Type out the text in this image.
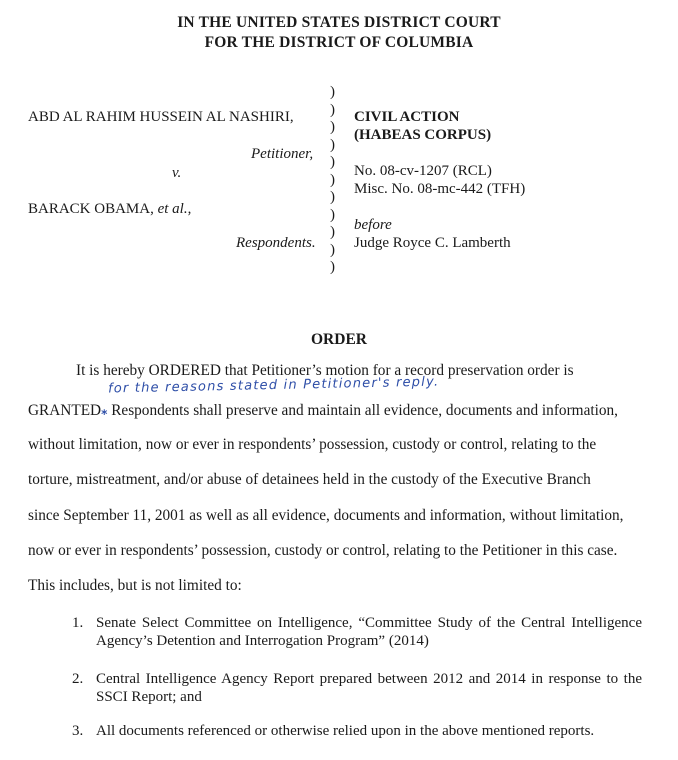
IN THE UNITED STATES DISTRICT COURT
FOR THE DISTRICT OF COLUMBIA
ABD AL RAHIM HUSSEIN AL NASHIRI,
Petitioner,
v.
BARACK OBAMA, et al.,
Respondents.
)
)
)
)
)
)
)
)
)
)
)
CIVIL ACTION
(HABEAS CORPUS)
No. 08-cv-1207 (RCL)
Misc. No. 08-mc-442 (TFH)
before
Judge Royce C. Lamberth
ORDER
It is hereby ORDERED that Petitioner’s motion for a record preservation order is
for the reasons stated in Petitioner's reply.
GRANTED⁎ Respondents shall preserve and maintain all evidence, documents and information,
without limitation, now or ever in respondents’ possession, custody or control, relating to the
torture, mistreatment, and/or abuse of detainees held in the custody of the Executive Branch
since September 11, 2001 as well as all evidence, documents and information, without limitation,
now or ever in respondents’ possession, custody or control, relating to the Petitioner in this case.
This includes, but is not limited to:
1. Senate Select Committee on Intelligence, “Committee Study of the Central Intelligence Agency’s Detention and Interrogation Program” (2014)
2. Central Intelligence Agency Report prepared between 2012 and 2014 in response to the SSCI Report; and
3. All documents referenced or otherwise relied upon in the above mentioned reports.
